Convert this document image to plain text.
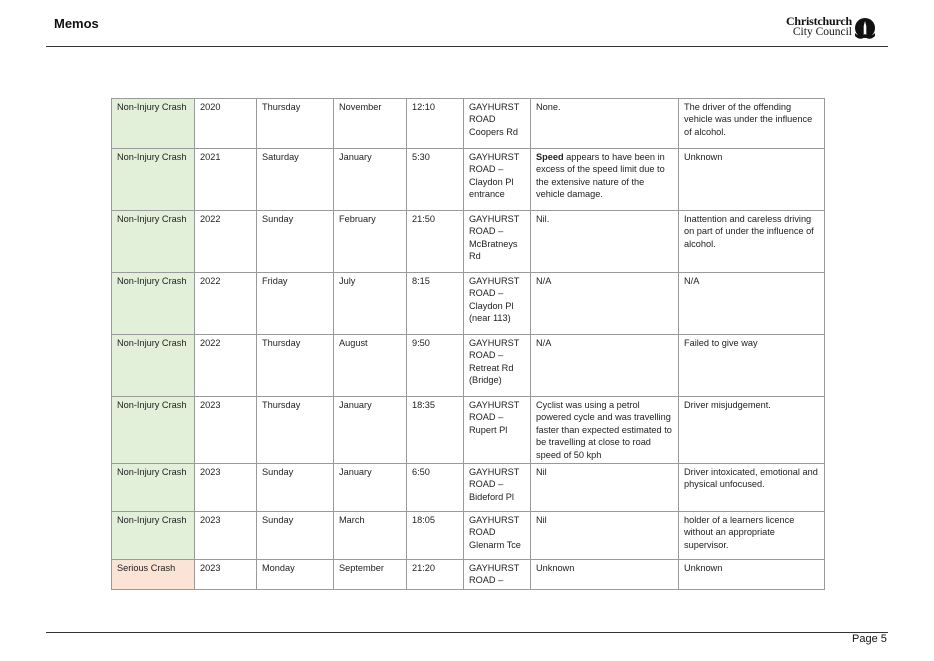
Memos	Christchurch
City Council
Non-Injury Crash	2020	Thursday	November	12:10	GAYHURST ROAD Coopers Rd	None.	The driver of the offending vehicle was under the influence of alcohol.
Non-Injury Crash	2021	Saturday	January	5:30	GAYHURST ROAD – Claydon Pl entrance	Speed appears to have been in excess of the speed limit due to the extensive nature of the vehicle damage.	Unknown
Non-Injury Crash	2022	Sunday	February	21:50	GAYHURST ROAD – McBratneys Rd	Nil.	Inattention and careless driving on part of under the influence of alcohol.
Non-Injury Crash	2022	Friday	July	8:15	GAYHURST ROAD – Claydon Pl (near 113)	N/A	N/A
Non-Injury Crash	2022	Thursday	August	9:50	GAYHURST ROAD – Retreat Rd (Bridge)	N/A	Failed to give way
Non-Injury Crash	2023	Thursday	January	18:35	GAYHURST ROAD – Rupert Pl	Cyclist was using a petrol powered cycle and was travelling faster than expected estimated to be travelling at close to road speed of 50 kph	Driver misjudgement.
Non-Injury Crash	2023	Sunday	January	6:50	GAYHURST ROAD – Bideford Pl	Nil	Driver intoxicated, emotional and physical unfocused.
Non-Injury Crash	2023	Sunday	March	18:05	GAYHURST ROAD Glenarm Tce	Nil	holder of a learners licence without an appropriate supervisor.
Serious Crash	2023	Monday	September	21:20	GAYHURST ROAD –	Unknown	Unknown
Page 5
